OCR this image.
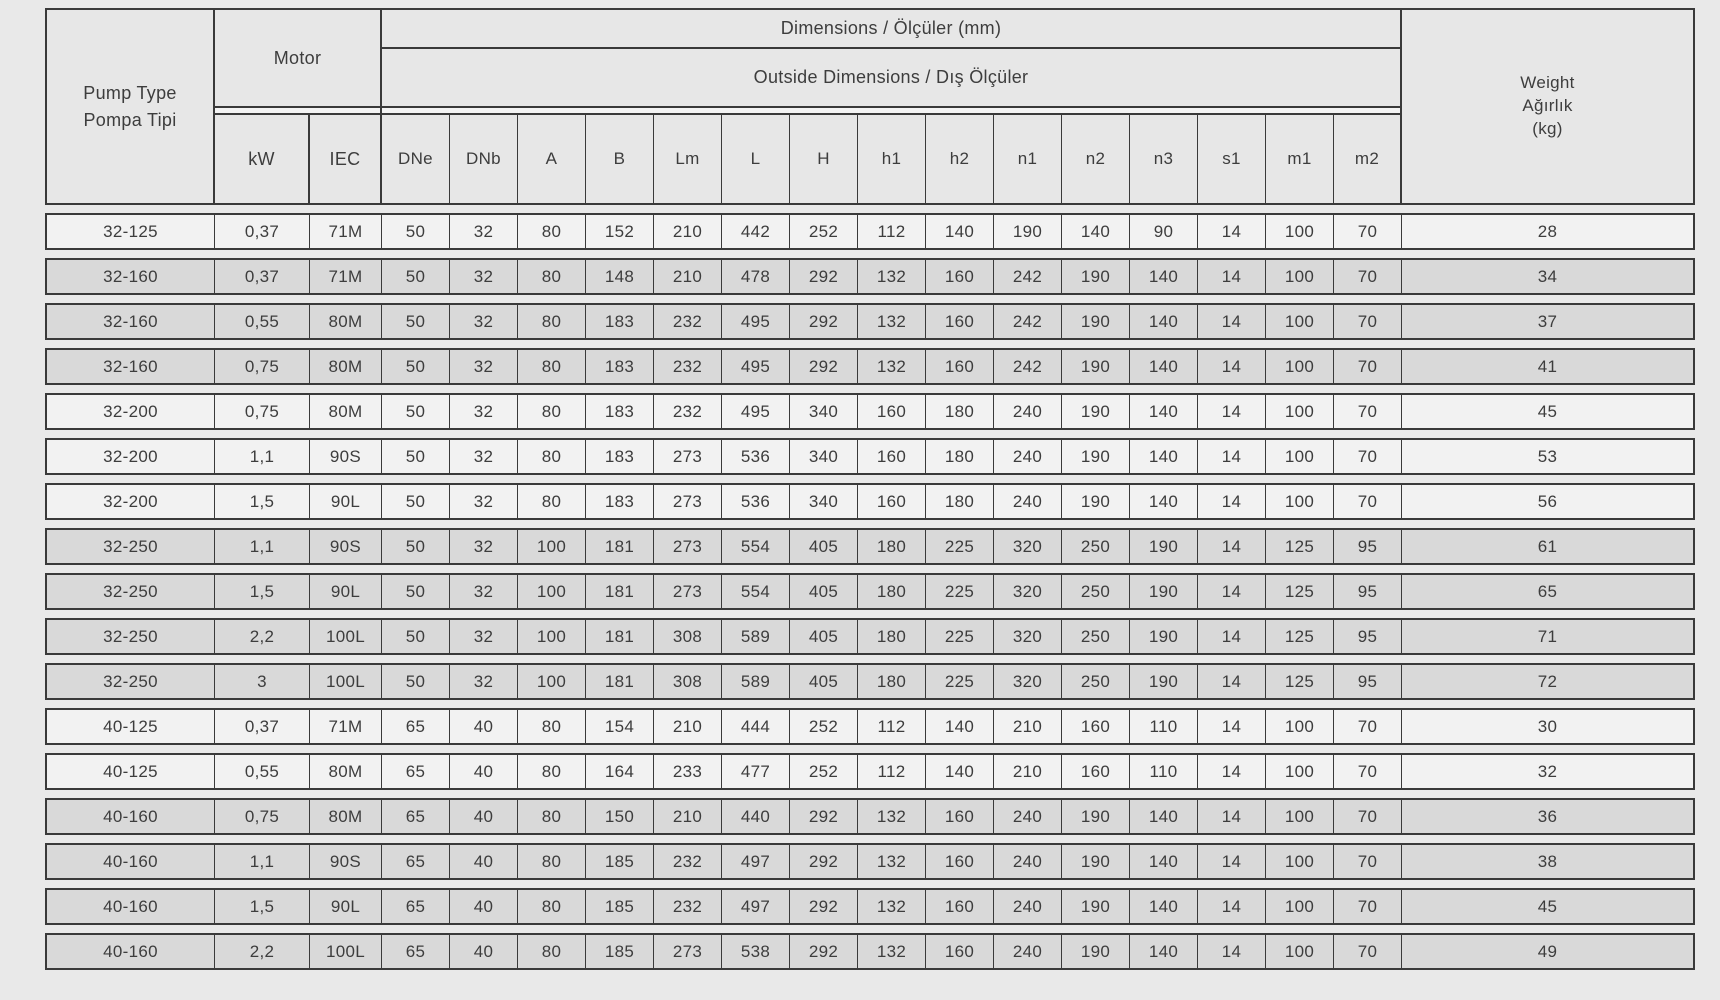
Pump Type
Pompa Tipi
Motor
kW	IEC
Dimensions / Ölçüler (mm)
Outside Dimensions / Dış Ölçüler
DNe	DNb	A	B	Lm	L	H	h1	h2	n1	n2	n3	s1	m1	m2
Weight
Ağırlık
(kg)
32-125	0,37	71M	50	32	80	152	210	442	252	112	140	190	140	90	14	100	70	28
32-160	0,37	71M	50	32	80	148	210	478	292	132	160	242	190	140	14	100	70	34
32-160	0,55	80M	50	32	80	183	232	495	292	132	160	242	190	140	14	100	70	37
32-160	0,75	80M	50	32	80	183	232	495	292	132	160	242	190	140	14	100	70	41
32-200	0,75	80M	50	32	80	183	232	495	340	160	180	240	190	140	14	100	70	45
32-200	1,1	90S	50	32	80	183	273	536	340	160	180	240	190	140	14	100	70	53
32-200	1,5	90L	50	32	80	183	273	536	340	160	180	240	190	140	14	100	70	56
32-250	1,1	90S	50	32	100	181	273	554	405	180	225	320	250	190	14	125	95	61
32-250	1,5	90L	50	32	100	181	273	554	405	180	225	320	250	190	14	125	95	65
32-250	2,2	100L	50	32	100	181	308	589	405	180	225	320	250	190	14	125	95	71
32-250	3	100L	50	32	100	181	308	589	405	180	225	320	250	190	14	125	95	72
40-125	0,37	71M	65	40	80	154	210	444	252	112	140	210	160	110	14	100	70	30
40-125	0,55	80M	65	40	80	164	233	477	252	112	140	210	160	110	14	100	70	32
40-160	0,75	80M	65	40	80	150	210	440	292	132	160	240	190	140	14	100	70	36
40-160	1,1	90S	65	40	80	185	232	497	292	132	160	240	190	140	14	100	70	38
40-160	1,5	90L	65	40	80	185	232	497	292	132	160	240	190	140	14	100	70	45
40-160	2,2	100L	65	40	80	185	273	538	292	132	160	240	190	140	14	100	70	49
